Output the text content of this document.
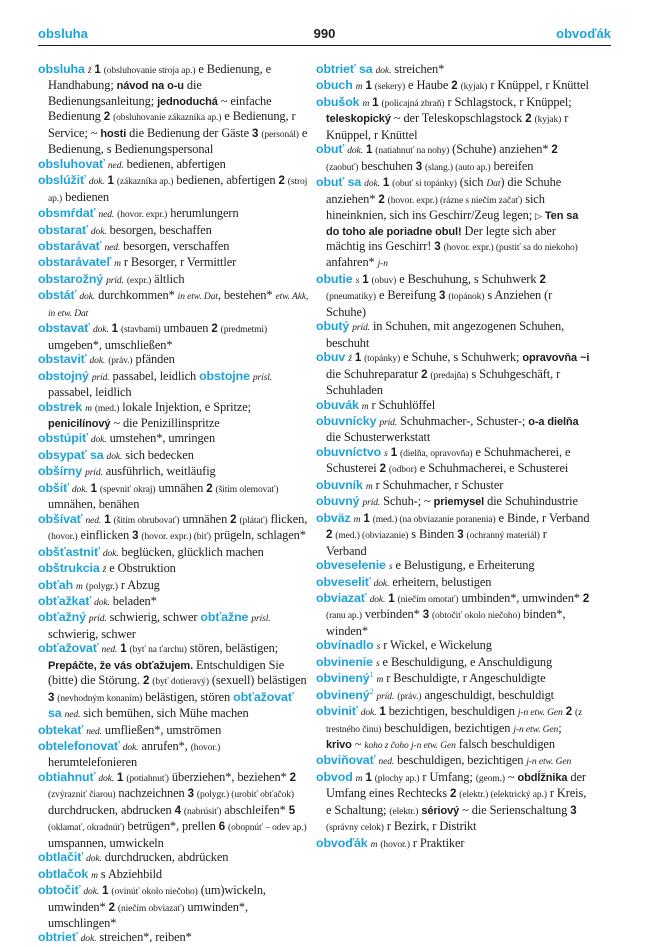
obsluha	990	obvoďák

obsluha ž 1 (obsluhovanie stroja ap.) e Bedienung, e Handhabung; návod na o-u die Bedienungsanleitung; jednoduchá ~ einfache Bedienung 2 (obsluhovanie zákazníka ap.) e Bedienung, r Service; ~ hosti die Bedienung der Gäste 3 (personál) e Bedienung, s Bedienungspersonal

obsluhovať ned. bedienen, abfertigen

obslúžiť dok. 1 (zákazníka ap.) bedienen, abfertigen 2 (stroj ap.) bedienen

obsmŕdať ned. (hovor. expr.) herumlungern

obstarať dok. besorgen, beschaffen

obstarávať ned. besorgen, verschaffen

obstarávateľ m r Besorger, r Vermittler

obstarožný príd. (expr.) ältlich

obstáť dok. durchkommen* in etw. Dat, bestehen* etw. Akk, in etw. Dat

obstavať dok. 1 (stavbami) umbauen 2 (predmetmi) umgeben*, umschließen*

obstaviť dok. (práv.) pfänden

obstojný príd. passabel, leidlich obstojne prísl. passabel, leidlich

obstrek m (med.) lokale Injektion, e Spritze; penicilínový ~ die Penizillinspritze

obstúpiť dok. umstehen*, umringen

obsypať sa dok. sich bedecken

obšírny príd. ausführlich, weitläufig

obšiť dok. 1 (spevniť okraj) umnähen 2 (šitím olemovať) umnähen, benähen

obšívať ned. 1 (šitím obrubovať) umnähen 2 (plátať) flicken, (hovor.) einflicken 3 (hovor. expr.) (biť) prügeln, schlagen*

obšťastniť dok. beglücken, glücklich machen

obštrukcia ž e Obstruktion

obťah m (polygr.) r Abzug

obťažkať dok. beladen*

obťažný príd. schwierig, schwer obťažne prísl. schwierig, schwer

obťažovať ned. 1 (byť na ťarchu) stören, belästigen; Prepáčte, že vás obťažujem. Entschuldigen Sie (bitte) die Störung. 2 (byť dotieravý) (sexuell) belästigen 3 (nevhodným konaním) belästigen, stören obťažovať sa ned. sich bemühen, sich Mühe machen

obtekať ned. umfließen*, umströmen

obtelefonovať dok. anrufen*, (hovor.) herumtelefonieren

obtiahnuť dok. 1 (potiahnuť) überziehen*, beziehen* 2 (zvýrazniť čiarou) nachzeichnen 3 (polygr.) (urobiť obťačok) durchdrucken, abdrucken 4 (nabrúsiť) abschleifen* 5 (oklamať, okradnúť) betrügen*, prellen 6 (obopnúť – odev ap.) umspannen, umwickeln

obtlačiť dok. durchdrucken, abdrücken

obtlačok m s Abziehbild

obtočiť dok. 1 (ovinúť okolo niečoho) (um)wickeln, umwinden* 2 (niečím obviazať) umwinden*, umschlingen*

obtrieť dok. streichen*, reiben*

obtrieť sa dok. streichen*

obuch m 1 (sekery) e Haube 2 (kyjak) r Knüppel, r Knüttel

obušok m 1 (policajná zbraň) r Schlagstock, r Knüppel; teleskopický ~ der Teleskopschlagstock 2 (kyjak) r Knüppel, r Knüttel

obuť dok. 1 (natiahnuť na nohy) (Schuhe) anziehen* 2 (zaobuť) beschuhen 3 (slang.) (auto ap.) bereifen

obuť sa dok. 1 (obuť si topánky) (sich Dat) die Schuhe anziehen* 2 (hovor. expr.) (rázne s niečím začať) sich hineinknien, sich ins Geschirr/Zeug legen; ▷ Ten sa do toho ale poriadne obul! Der legte sich aber mächtig ins Geschirr! 3 (hovor. expr.) (pustiť sa do niekoho) anfahren* j-n

obutie s 1 (obuv) e Beschuhung, s Schuhwerk 2 (pneumatiky) e Bereifung 3 (topánok) s Anziehen (r Schuhe)

obutý príd. in Schuhen, mit angezogenen Schuhen, beschuht

obuv ž 1 (topánky) e Schuhe, s Schuhwerk; opravovňa ~i die Schuhreparatur 2 (predajňa) s Schuhgeschäft, r Schuhladen

obuvák m r Schuhlöffel

obuvnícky príd. Schuhmacher-, Schuster-; o-a dielňa die Schusterwerkstatt

obuvníctvo s 1 (dielňa, opravovňa) e Schuhmacherei, e Schusterei 2 (odbor) e Schuhmacherei, e Schusterei

obuvník m r Schuhmacher, r Schuster

obuvný príd. Schuh-; ~ priemysel die Schuhindustrie

obväz m 1 (med.) (na obviazanie poranenia) e Binde, r Verband 2 (med.) (obviazanie) s Binden 3 (ochranný materiál) r Verband

obveselenie s e Belustigung, e Erheiterung

obveseliť dok. erheitern, belustigen

obviazať dok. 1 (niečím omotať) umbinden*, umwinden* 2 (ranu ap.) verbinden* 3 (obtočiť okolo niečoho) binden*, winden*

obvínadlo s r Wickel, e Wickelung

obvinenie s e Beschuldigung, e Anschuldigung

obvinený$^1$ m r Beschuldigte, r Angeschuldigte

obvinený$^2$ príd. (práv.) angeschuldigt, beschuldigt

obviniť dok. 1 bezichtigen, beschuldigen j-n etw. Gen 2 (z trestného činu) beschuldigen, bezichtigen j-n etw. Gen; krivo ~ koho z čoho j-n etw. Gen falsch beschuldigen

obviňovať ned. beschuldigen, bezichtigen j-n etw. Gen

obvod m 1 (plochy ap.) r Umfang; (geom.) ~ obdĺžnika der Umfang eines Rechtecks 2 (elektr.) (elektrický ap.) r Kreis, e Schaltung; (elektr.) sériový ~ die Serienschaltung 3 (správny celok) r Bezirk, r Distrikt

obvoďák m (hovor.) r Praktiker
